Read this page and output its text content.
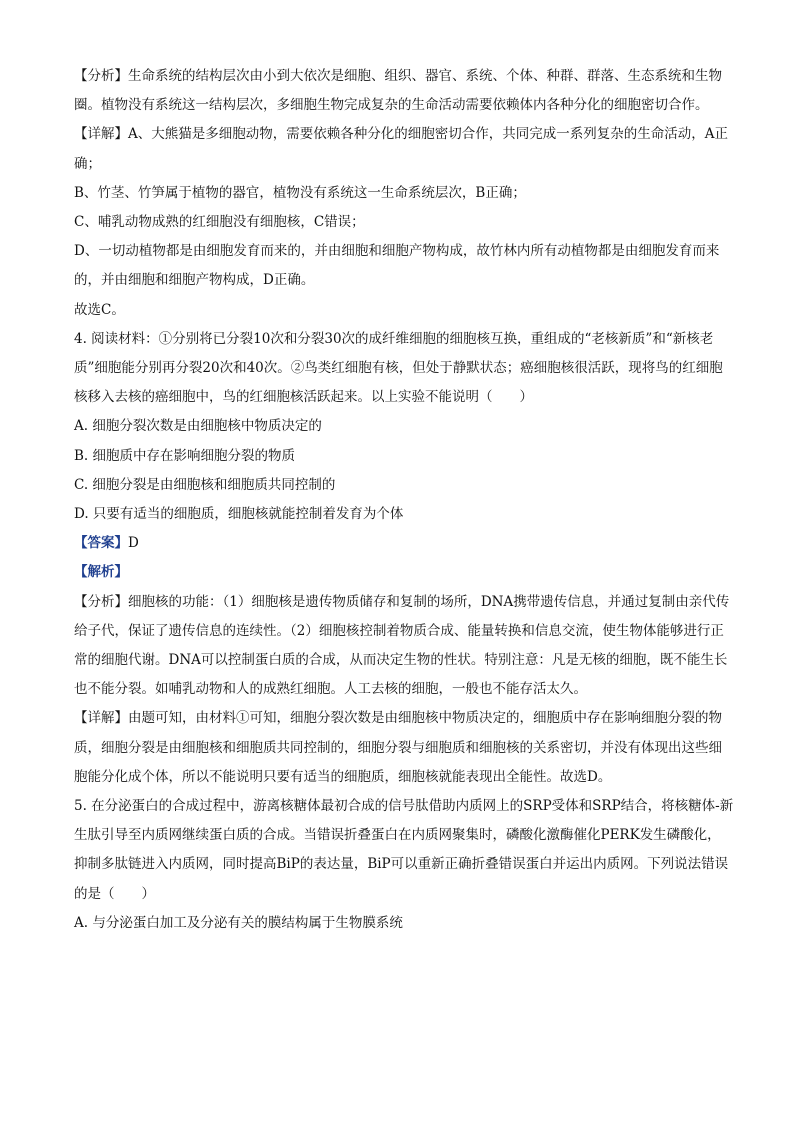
【分析】生命系统的结构层次由小到大依次是细胞、组织、器官、系统、个体、种群、群落、生态系统和生物圈。植物没有系统这一结构层次，多细胞生物完成复杂的生命活动需要依赖体内各种分化的细胞密切合作。

【详解】A、大熊猫是多细胞动物，需要依赖各种分化的细胞密切合作，共同完成一系列复杂的生命活动，A正确；

B、竹茎、竹笋属于植物的器官，植物没有系统这一生命系统层次，B正确；

C、哺乳动物成熟的红细胞没有细胞核，C错误；

D、一切动植物都是由细胞发育而来的，并由细胞和细胞产物构成，故竹林内所有动植物都是由细胞发育而来的，并由细胞和细胞产物构成，D正确。

故选C。

4. 阅读材料：①分别将已分裂10次和分裂30次的成纤维细胞的细胞核互换，重组成的“老核新质”和“新核老质”细胞能分别再分裂20次和40次。②鸟类红细胞有核，但处于静默状态；癌细胞核很活跃，现将鸟的红细胞核移入去核的癌细胞中，鸟的红细胞核活跃起来。以上实验不能说明（　　）

A. 细胞分裂次数是由细胞核中物质决定的

B. 细胞质中存在影响细胞分裂的物质

C. 细胞分裂是由细胞核和细胞质共同控制的

D. 只要有适当的细胞质，细胞核就能控制着发育为个体

【答案】D

【解析】

【分析】细胞核的功能：（1）细胞核是遗传物质储存和复制的场所，DNA携带遗传信息，并通过复制由亲代传给子代，保证了遗传信息的连续性。（2）细胞核控制着物质合成、能量转换和信息交流，使生物体能够进行正常的细胞代谢。DNA可以控制蛋白质的合成，从而决定生物的性状。特别注意：凡是无核的细胞，既不能生长也不能分裂。如哺乳动物和人的成熟红细胞。人工去核的细胞，一般也不能存活太久。

【详解】由题可知，由材料①可知，细胞分裂次数是由细胞核中物质决定的，细胞质中存在影响细胞分裂的物质，细胞分裂是由细胞核和细胞质共同控制的，细胞分裂与细胞质和细胞核的关系密切，并没有体现出这些细胞能分化成个体，所以不能说明只要有适当的细胞质，细胞核就能表现出全能性。故选D。

5. 在分泌蛋白的合成过程中，游离核糖体最初合成的信号肽借助内质网上的SRP受体和SRP结合，将核糖体-新生肽引导至内质网继续蛋白质的合成。当错误折叠蛋白在内质网聚集时，磷酸化激酶催化PERK发生磷酸化，抑制多肽链进入内质网，同时提高BiP的表达量，BiP可以重新正确折叠错误蛋白并运出内质网。下列说法错误的是（　　）

A. 与分泌蛋白加工及分泌有关的膜结构属于生物膜系统
